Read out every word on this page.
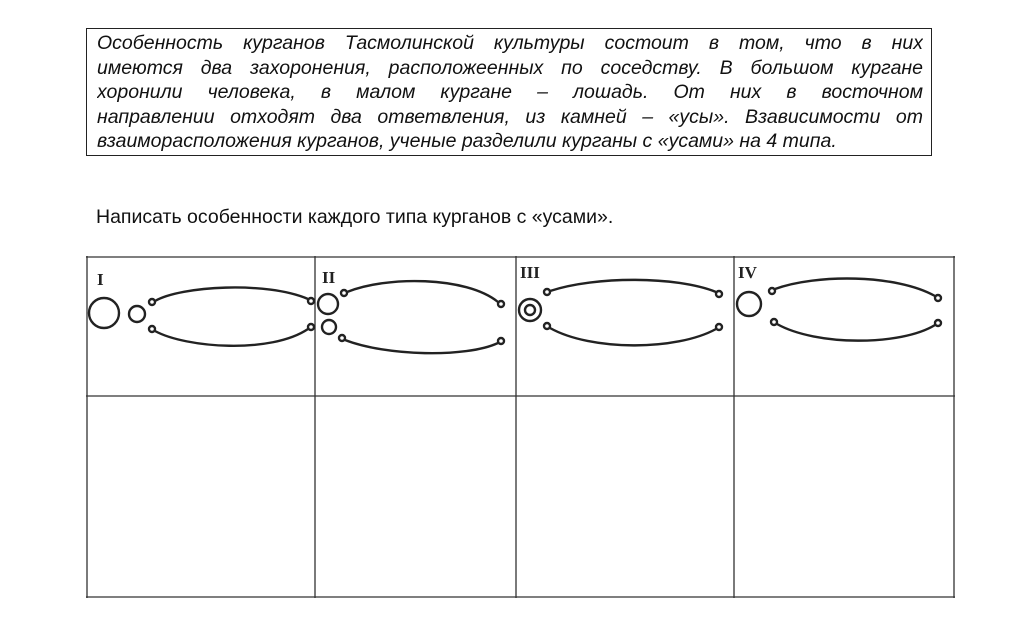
Особенность курганов Тасмолинской культуры состоит в том, что в них
имеются два захоронения, расположеенных по соседству. В большом кургане
хоронили человека, в малом кургане – лошадь. От них в восточном
направлении отходят два ответвления, из камней – «усы». Взависимости от
взаиморасположения курганов, ученые разделили курганы с «усами» на 4 типа.
Написать особенности каждого типа курганов с «усами».
I	II	III	IV
